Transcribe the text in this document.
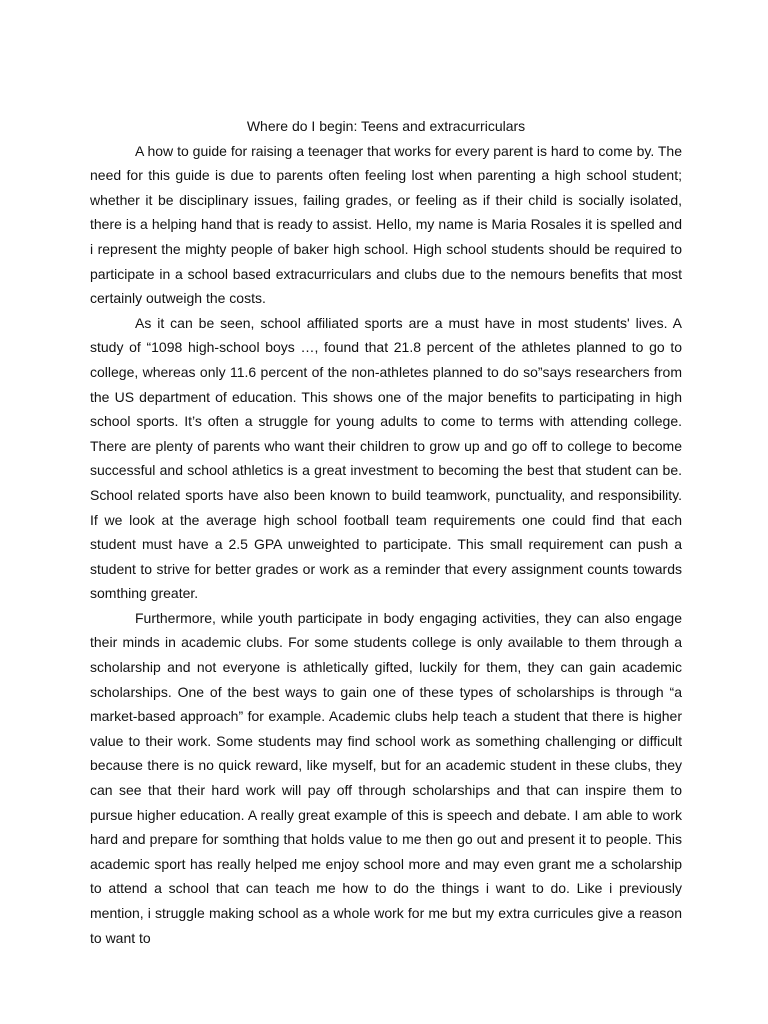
Where do I begin: Teens and extracurriculars

A how to guide for raising a teenager that works for every parent is hard to come by. The need for this guide is due to parents often feeling lost when parenting a high school student; whether it be disciplinary issues, failing grades, or feeling as if their child is socially isolated, there is a helping hand that is ready to assist. Hello, my name is Maria Rosales it is spelled and i represent the mighty people of baker high school. High school students should be required to participate in a school based extracurriculars and clubs due to the nemours benefits that most certainly outweigh the costs.

As it can be seen, school affiliated sports are a must have in most students' lives. A study of “1098 high-school boys …, found that 21.8 percent of the athletes planned to go to college, whereas only 11.6 percent of the non-athletes planned to do so”says researchers from the US department of education. This shows one of the major benefits to participating in high school sports. It’s often a struggle for young adults to come to terms with attending college. There are plenty of parents who want their children to grow up and go off to college to become successful and school athletics is a great investment to becoming the best that student can be. School related sports have also been known to build teamwork, punctuality, and responsibility. If we look at the average high school football team requirements one could find that each student must have a 2.5 GPA unweighted to participate. This small requirement can push a student to strive for better grades or work as a reminder that every assignment counts towards somthing greater.

Furthermore, while youth participate in body engaging activities, they can also engage their minds in academic clubs. For some students college is only available to them through a scholarship and not everyone is athletically gifted, luckily for them, they can gain academic scholarships. One of the best ways to gain one of these types of scholarships is through “a market-based approach” for example. Academic clubs help teach a student that there is higher value to their work. Some students may find school work as something challenging or difficult because there is no quick reward, like myself, but for an academic student in these clubs, they can see that their hard work will pay off through scholarships and that can inspire them to pursue higher education. A really great example of this is speech and debate. I am able to work hard and prepare for somthing that holds value to me then go out and present it to people. This academic sport has really helped me enjoy school more and may even grant me a scholarship to attend a school that can teach me how to do the things i want to do. Like i previously mention, i struggle making school as a whole work for me but my extra curricules give a reason to want to
